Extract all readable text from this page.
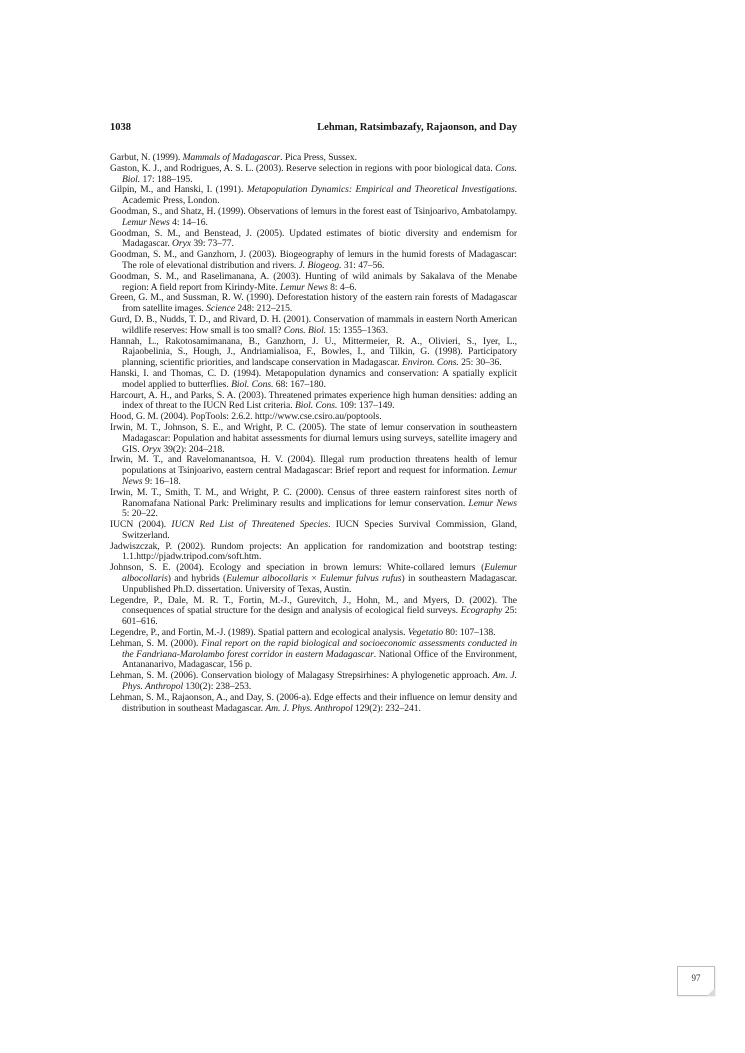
1038	Lehman, Ratsimbazafy, Rajaonson, and Day
Garbut, N. (1999). Mammals of Madagascar. Pica Press, Sussex.
Gaston, K. J., and Rodrigues, A. S. L. (2003). Reserve selection in regions with poor biological data. Cons. Biol. 17: 188–195.
Gilpin, M., and Hanski, I. (1991). Metapopulation Dynamics: Empirical and Theoretical Investigations. Academic Press, London.
Goodman, S., and Shatz, H. (1999). Observations of lemurs in the forest east of Tsinjoarivo, Ambatolampy. Lemur News 4: 14–16.
Goodman, S. M., and Benstead, J. (2005). Updated estimates of biotic diversity and endemism for Madagascar. Oryx 39: 73–77.
Goodman, S. M., and Ganzhorn, J. (2003). Biogeography of lemurs in the humid forests of Madagascar: The role of elevational distribution and rivers. J. Biogeog. 31: 47–56.
Goodman, S. M., and Raselimanana, A. (2003). Hunting of wild animals by Sakalava of the Menabe region: A field report from Kirindy-Mite. Lemur News 8: 4–6.
Green, G. M., and Sussman, R. W. (1990). Deforestation history of the eastern rain forests of Madagascar from satellite images. Science 248: 212–215.
Gurd, D. B., Nudds, T. D., and Rivard, D. H. (2001). Conservation of mammals in eastern North American wildlife reserves: How small is too small? Cons. Biol. 15: 1355–1363.
Hannah, L., Rakotosamimanana, B., Ganzhorn, J. U., Mittermeier, R. A., Olivieri, S., Iyer, L., Rajaobelinia, S., Hough, J., Andriamialisoa, F., Bowles, I., and Tilkin, G. (1998). Participatory planning, scientific priorities, and landscape conservation in Madagascar. Environ. Cons. 25: 30–36.
Hanski, I. and Thomas, C. D. (1994). Metapopulation dynamics and conservation: A spatially explicit model applied to butterflies. Biol. Cons. 68: 167–180.
Harcourt, A. H., and Parks, S. A. (2003). Threatened primates experience high human densities: adding an index of threat to the IUCN Red List criteria. Biol. Cons. 109: 137–149.
Hood, G. M. (2004). PopTools: 2.6.2. http://www.cse.csiro.au/poptools.
Irwin, M. T., Johnson, S. E., and Wright, P. C. (2005). The state of lemur conservation in southeastern Madagascar: Population and habitat assessments for diurnal lemurs using surveys, satellite imagery and GIS. Oryx 39(2): 204–218.
Irwin, M. T., and Ravelomanantsoa, H. V. (2004). Illegal rum production threatens health of lemur populations at Tsinjoarivo, eastern central Madagascar: Brief report and request for information. Lemur News 9: 16–18.
Irwin, M. T., Smith, T. M., and Wright, P. C. (2000). Census of three eastern rainforest sites north of Ranomafana National Park: Preliminary results and implications for lemur conservation. Lemur News 5: 20–22.
IUCN (2004). IUCN Red List of Threatened Species. IUCN Species Survival Commission, Gland, Switzerland.
Jadwiszczak, P. (2002). Rundom projects: An application for randomization and bootstrap testing: 1.1.http://pjadw.tripod.com/soft.htm.
Johnson, S. E. (2004). Ecology and speciation in brown lemurs: White-collared lemurs (Eulemur albocollaris) and hybrids (Eulemur albocollaris × Eulemur fulvus rufus) in southeastern Madagascar. Unpublished Ph.D. dissertation. University of Texas, Austin.
Legendre, P., Dale, M. R. T., Fortin, M.-J., Gurevitch, J., Hohn, M., and Myers, D. (2002). The consequences of spatial structure for the design and analysis of ecological field surveys. Ecography 25: 601–616.
Legendre, P., and Fortin, M.-J. (1989). Spatial pattern and ecological analysis. Vegetatio 80: 107–138.
Lehman, S. M. (2000). Final report on the rapid biological and socioeconomic assessments conducted in the Fandriana-Marolambo forest corridor in eastern Madagascar. National Office of the Environment, Antananarivo, Madagascar, 156 p.
Lehman, S. M. (2006). Conservation biology of Malagasy Strepsirhines: A phylogenetic approach. Am. J. Phys. Anthropol 130(2): 238–253.
Lehman, S. M., Rajaonson, A., and Day, S. (2006-a). Edge effects and their influence on lemur density and distribution in southeast Madagascar. Am. J. Phys. Anthropol 129(2): 232–241.
97
